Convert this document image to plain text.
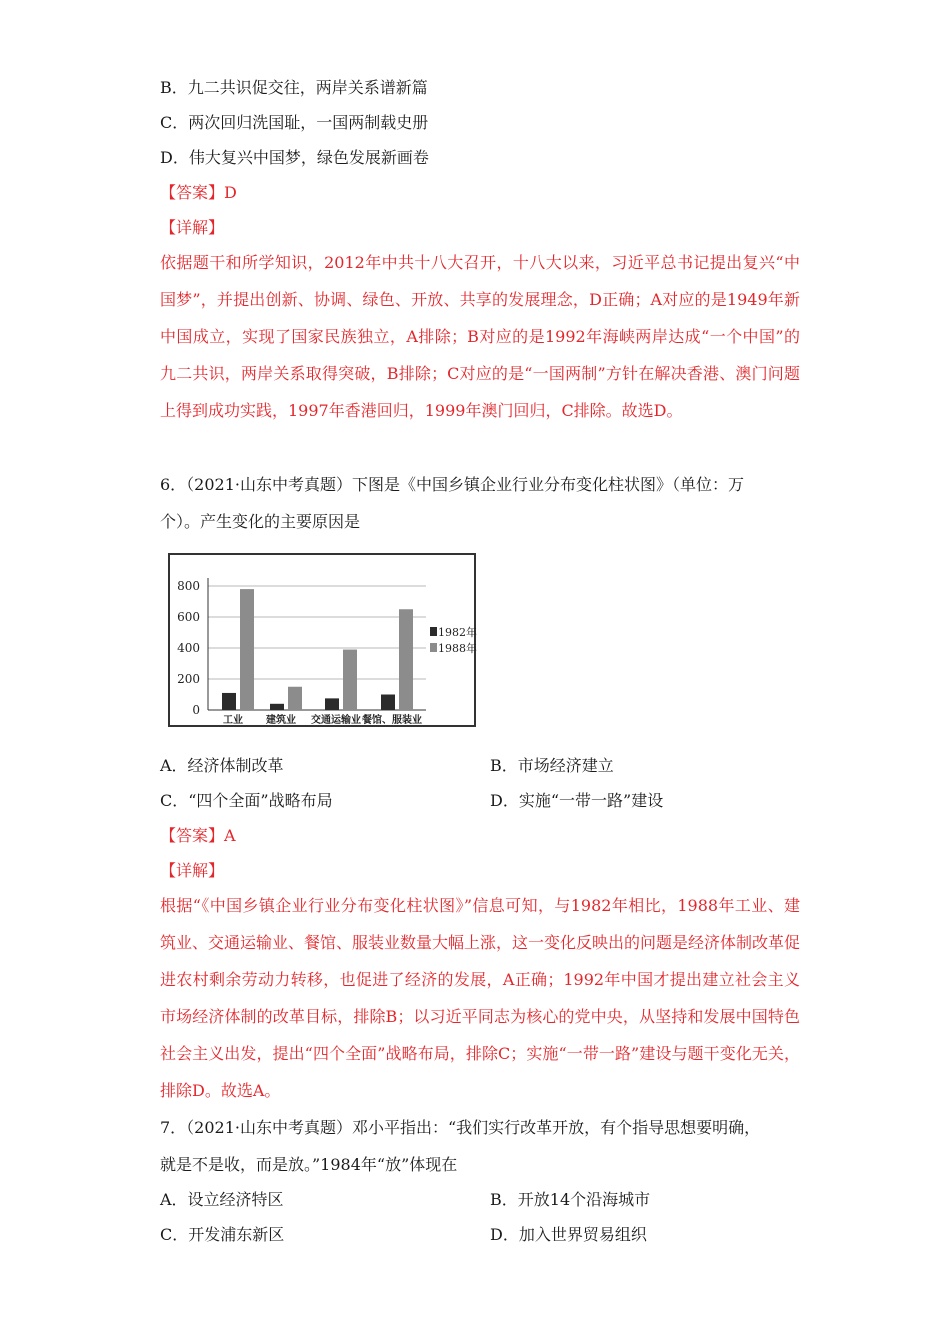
B．九二共识促交往，两岸关系谱新篇
C．两次回归洗国耻，一国两制载史册
D．伟大复兴中国梦，绿色发展新画卷
【答案】D
【详解】
依据题干和所学知识，2012年中共十八大召开，十八大以来，习近平总书记提出复兴“中国梦”，并提出创新、协调、绿色、开放、共享的发展理念，D正确；A对应的是1949年新中国成立，实现了国家民族独立，A排除；B对应的是1992年海峡两岸达成“一个中国”的九二共识，两岸关系取得突破，B排除；C对应的是“一国两制”方针在解决香港、澳门问题上得到成功实践，1997年香港回归，1999年澳门回归，C排除。故选D。
6．（2021·山东中考真题）下图是《中国乡镇企业行业分布变化柱状图》（单位：万
个）。产生变化的主要原因是
800
600
400
200
0
工业 建筑业 交通运输业 餐馆、服装业
1982年
1988年
A．经济体制改革	B．市场经济建立
C．“四个全面”战略布局	D．实施“一带一路”建设
【答案】A
【详解】
根据“《中国乡镇企业行业分布变化柱状图》”信息可知，与1982年相比，1988年工业、建筑业、交通运输业、餐馆、服装业数量大幅上涨，这一变化反映出的问题是经济体制改革促进农村剩余劳动力转移，也促进了经济的发展，A正确；1992年中国才提出建立社会主义市场经济体制的改革目标，排除B；以习近平同志为核心的党中央，从坚持和发展中国特色社会主义出发，提出“四个全面”战略布局，排除C；实施“一带一路”建设与题干变化无关，排除D。故选A。
7．（2021·山东中考真题）邓小平指出：“我们实行改革开放，有个指导思想要明确，
就是不是收，而是放。”1984年“放”体现在
A．设立经济特区	B．开放14个沿海城市
C．开发浦东新区	D．加入世界贸易组织
